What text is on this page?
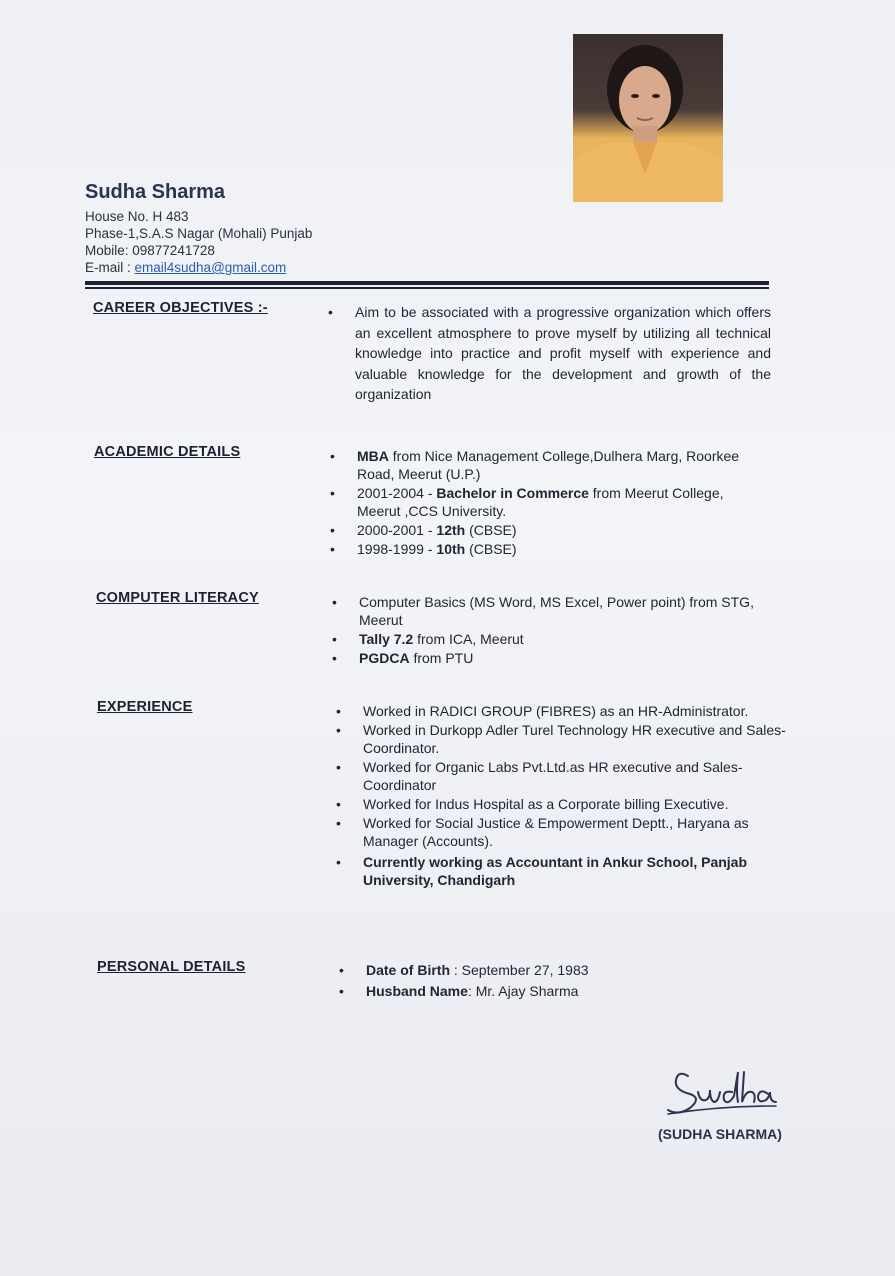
Sudha Sharma
House No. H 483
Phase-1,S.A.S Nagar (Mohali) Punjab
Mobile: 09877241728
E-mail : email4sudha@gmail.com
CAREER OBJECTIVES :-	• Aim to be associated with a progressive organization which offers an excellent atmosphere to prove myself by utilizing all technical knowledge into practice and profit myself with experience and valuable knowledge for the development and growth of the organization
ACADEMIC DETAILS	• MBA from Nice Management College,Dulhera Marg, Roorkee Road, Meerut (U.P.)
• 2001-2004 - Bachelor in Commerce from Meerut College, Meerut ,CCS University.
• 2000-2001 - 12th (CBSE)
• 1998-1999 - 10th (CBSE)
COMPUTER LITERACY	• Computer Basics (MS Word, MS Excel, Power point) from STG, Meerut
• Tally 7.2 from ICA, Meerut
• PGDCA from PTU
EXPERIENCE	• Worked in RADICI GROUP (FIBRES) as an HR-Administrator.
• Worked in Durkopp Adler Turel Technology HR executive and Sales-Coordinator.
• Worked for Organic Labs Pvt.Ltd.as HR executive and Sales-Coordinator
• Worked for Indus Hospital as a Corporate billing Executive.
• Worked for Social Justice & Empowerment Deptt., Haryana as Manager (Accounts).
• Currently working as Accountant in Ankur School, Panjab University, Chandigarh
PERSONAL DETAILS	• Date of Birth : September 27, 1983
• Husband Name: Mr. Ajay Sharma
(SUDHA SHARMA)
